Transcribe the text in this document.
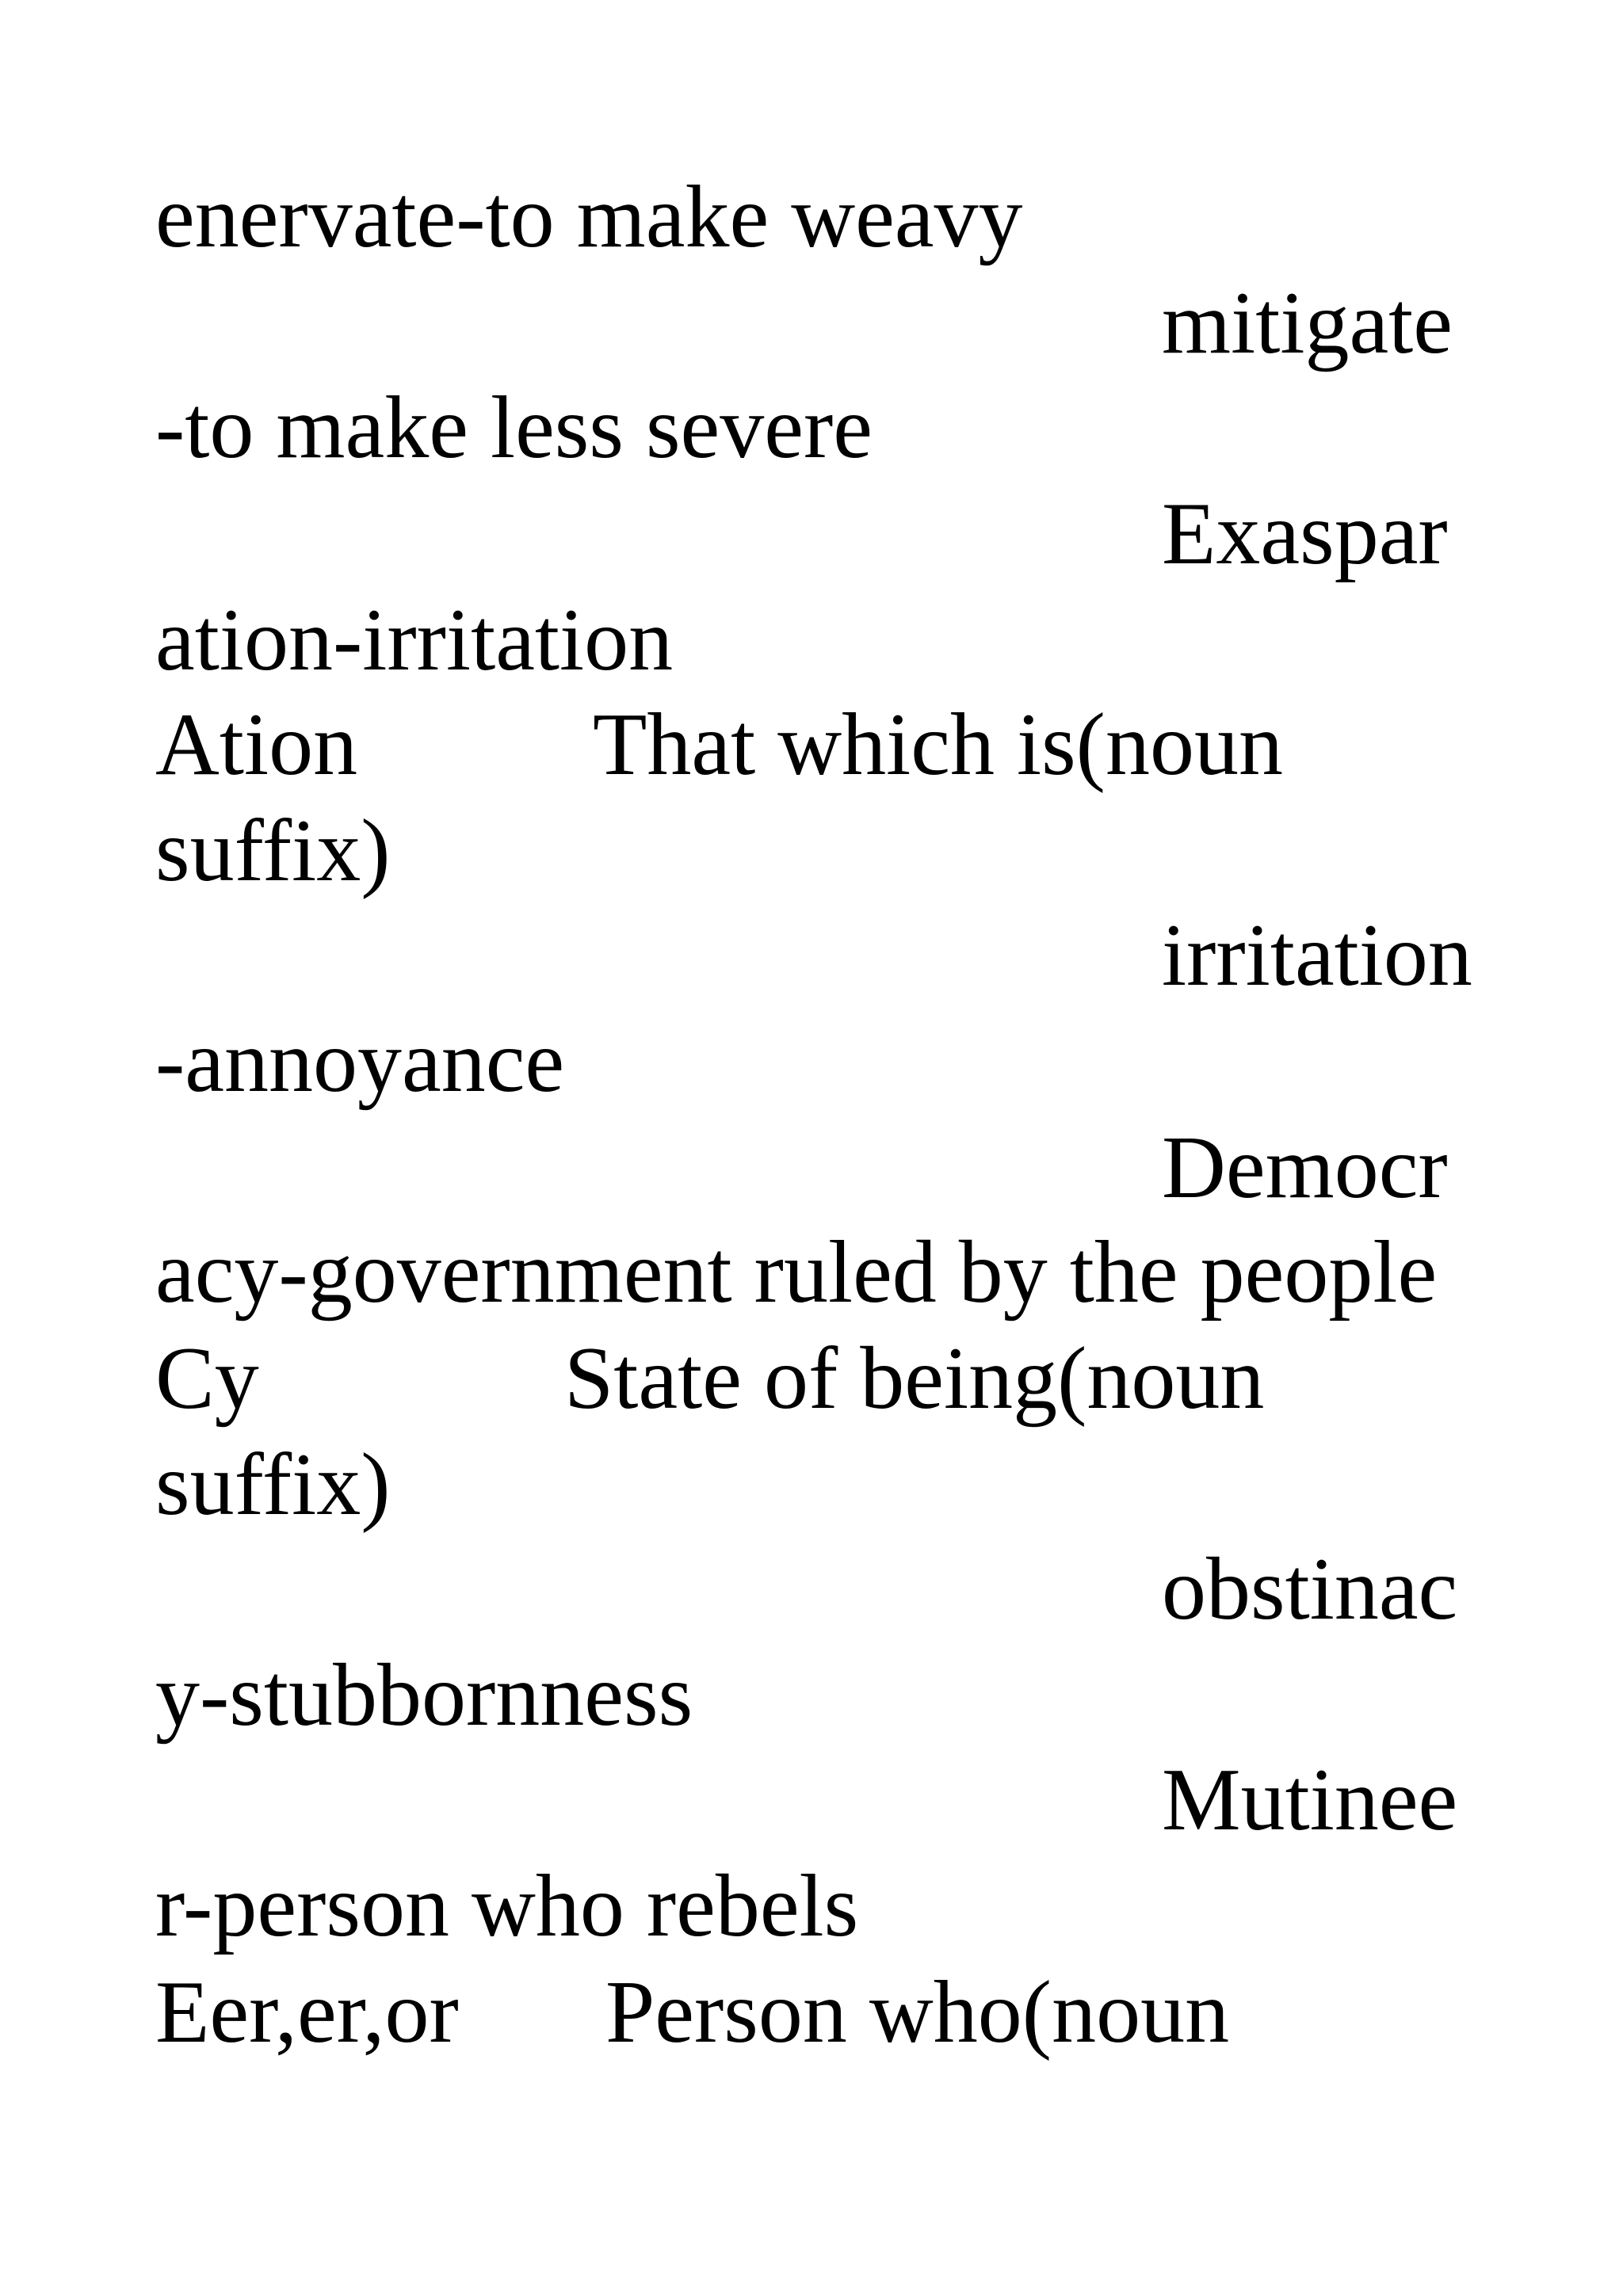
enervate-to make weavy
mitigate
-to make less severe
Exaspar
ation-irritation
Ation	That which is(noun
suffix)
irritation
-annoyance
Democr
acy-government ruled by the people
Cy	State of being(noun
suffix)
obstinac
y-stubbornness
Mutinee
r-person who rebels
Eer,er,or Person who(noun
